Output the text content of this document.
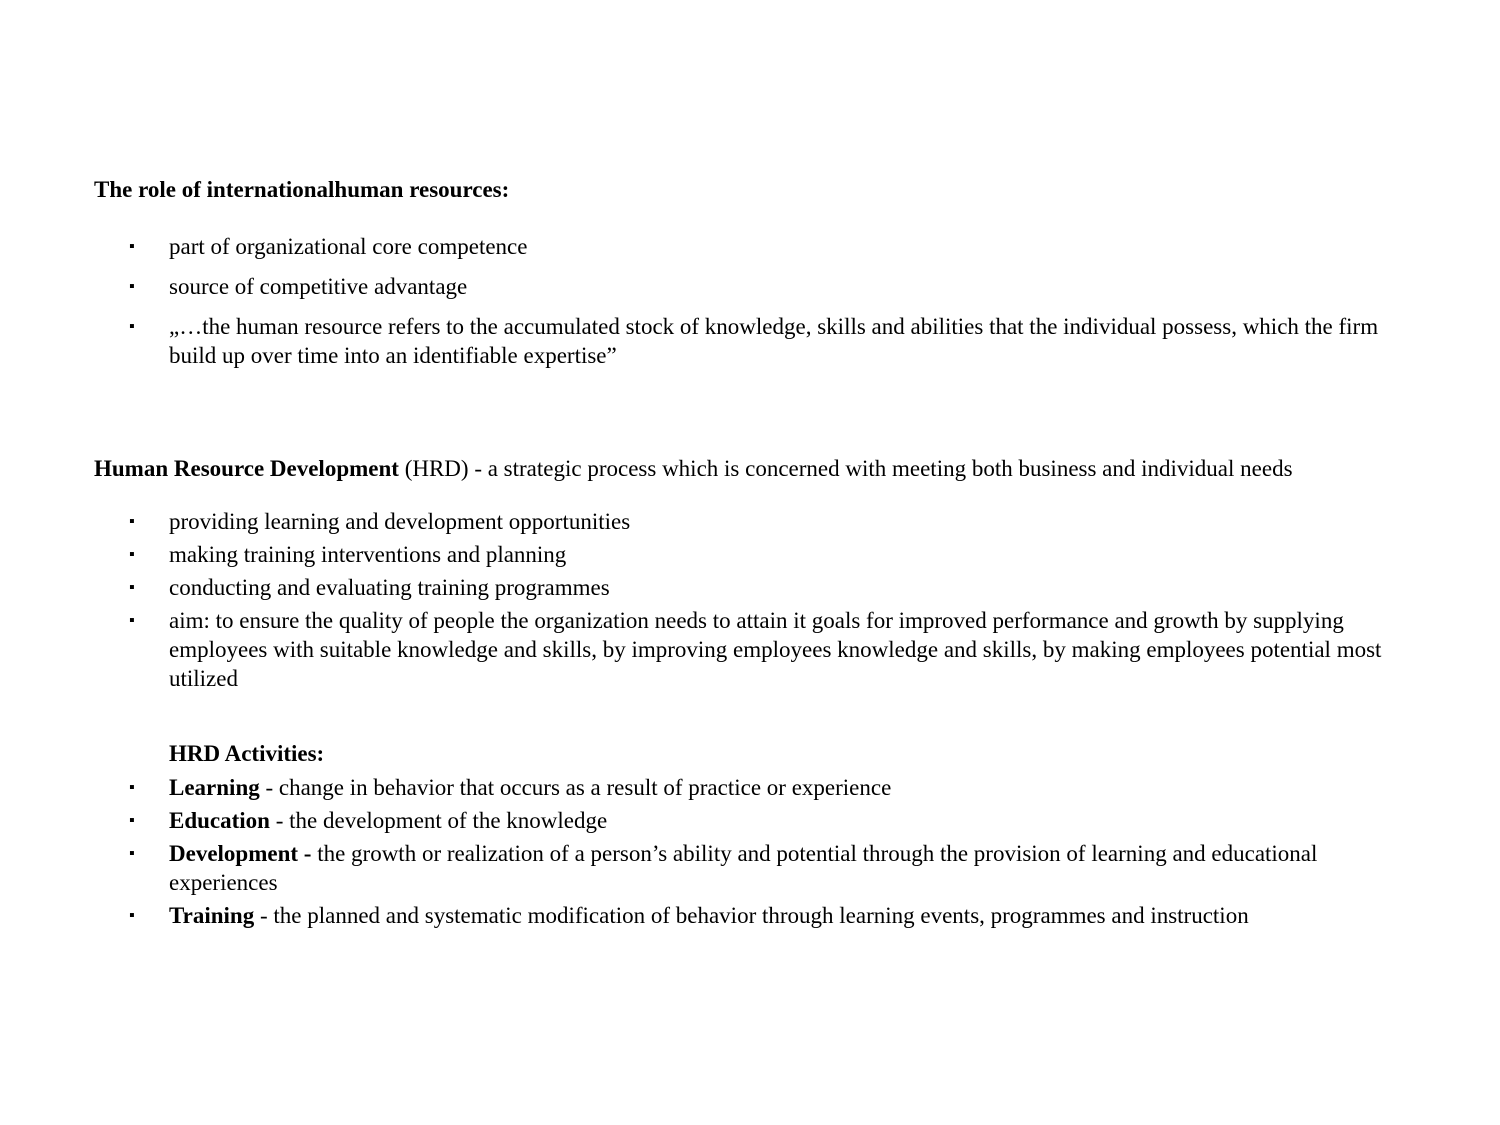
The role of internationalhuman resources:
▪ part of organizational core competence
▪ source of competitive advantage
▪ „…the human resource refers to the accumulated stock of knowledge, skills and abilities that the individual possess, which the firm build up over time into an identifiable expertise”
Human Resource Development (HRD) - a strategic process which is concerned with meeting both business and individual needs
▪ providing learning and development opportunities
▪ making training interventions and planning
▪ conducting and evaluating training programmes
▪ aim: to ensure the quality of people the organization needs to attain it goals for improved performance and growth by supplying employees with suitable knowledge and skills, by improving employees knowledge and skills, by making employees potential most utilized
HRD Activities:
▪ Learning - change in behavior that occurs as a result of practice or experience
▪ Education - the development of the knowledge
▪ Development - the growth or realization of a person’s ability and potential through the provision of learning and educational experiences
▪ Training - the planned and systematic modification of behavior through learning events, programmes and instruction
